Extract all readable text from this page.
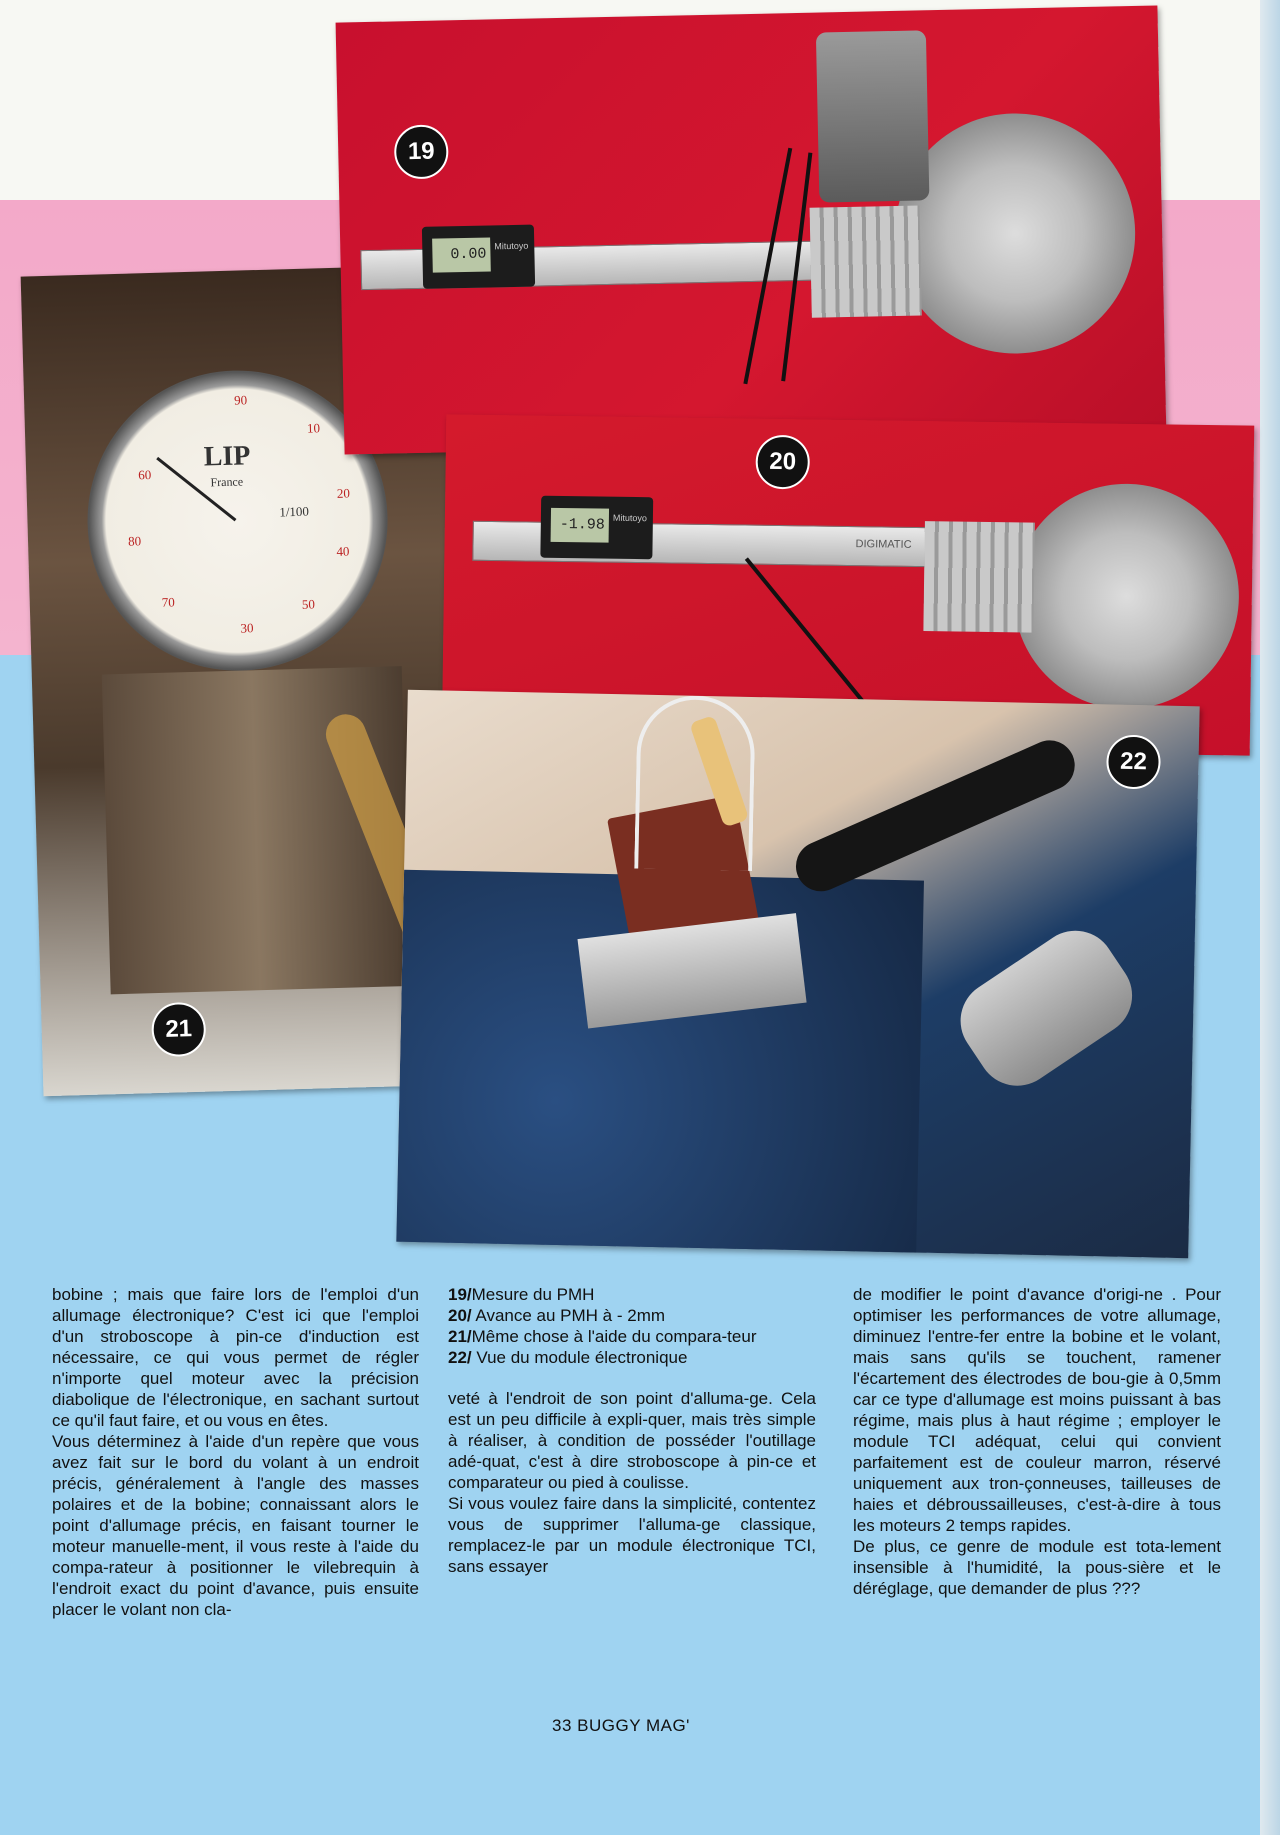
LIP
France
1/100
90
10
20
40
50
30
70
80
60
21
0.00 Mitutoyo
19
DIGIMATIC
-1.98 Mitutoyo
20
22

bobine ; mais que faire lors de l'emploi d'un allumage électronique? C'est ici que l'emploi d'un stroboscope à pin-ce d'induction est nécessaire, ce qui vous permet de régler n'importe quel moteur avec la précision diabolique de l'électronique, en sachant surtout ce qu'il faut faire, et ou vous en êtes.

Vous déterminez à l'aide d'un repère que vous avez fait sur le bord du volant à un endroit précis, généralement à l'angle des masses polaires et de la bobine; connaissant alors le point d'allumage précis, en faisant tourner le moteur manuelle-ment, il vous reste à l'aide du compa-rateur à positionner le vilebrequin à l'endroit exact du point d'avance, puis ensuite placer le volant non cla-

19/Mesure du PMH

20/ Avance au PMH à - 2mm

21/Même chose à l'aide du compara-teur

22/ Vue du module électronique

veté à l'endroit de son point d'alluma-ge. Cela est un peu difficile à expli-quer, mais très simple à réaliser, à condition de posséder l'outillage adé-quat, c'est à dire stroboscope à pin-ce et comparateur ou pied à coulisse.

Si vous voulez faire dans la simplicité, contentez vous de supprimer l'alluma-ge classique, remplacez-le par un module électronique TCI, sans essayer

de modifier le point d'avance d'origi-ne . Pour optimiser les performances de votre allumage, diminuez l'entre-fer entre la bobine et le volant, mais sans qu'ils se touchent, ramener l'écartement des électrodes de bou-gie à 0,5mm car ce type d'allumage est moins puissant à bas régime, mais plus à haut régime ; employer le module TCI adéquat, celui qui convient parfaitement est de couleur marron, réservé uniquement aux tron-çonneuses, tailleuses de haies et débroussailleuses, c'est-à-dire à tous les moteurs 2 temps rapides.

De plus, ce genre de module est tota-lement insensible à l'humidité, la pous-sière et le déréglage, que demander de plus ???

33 BUGGY MAG'
